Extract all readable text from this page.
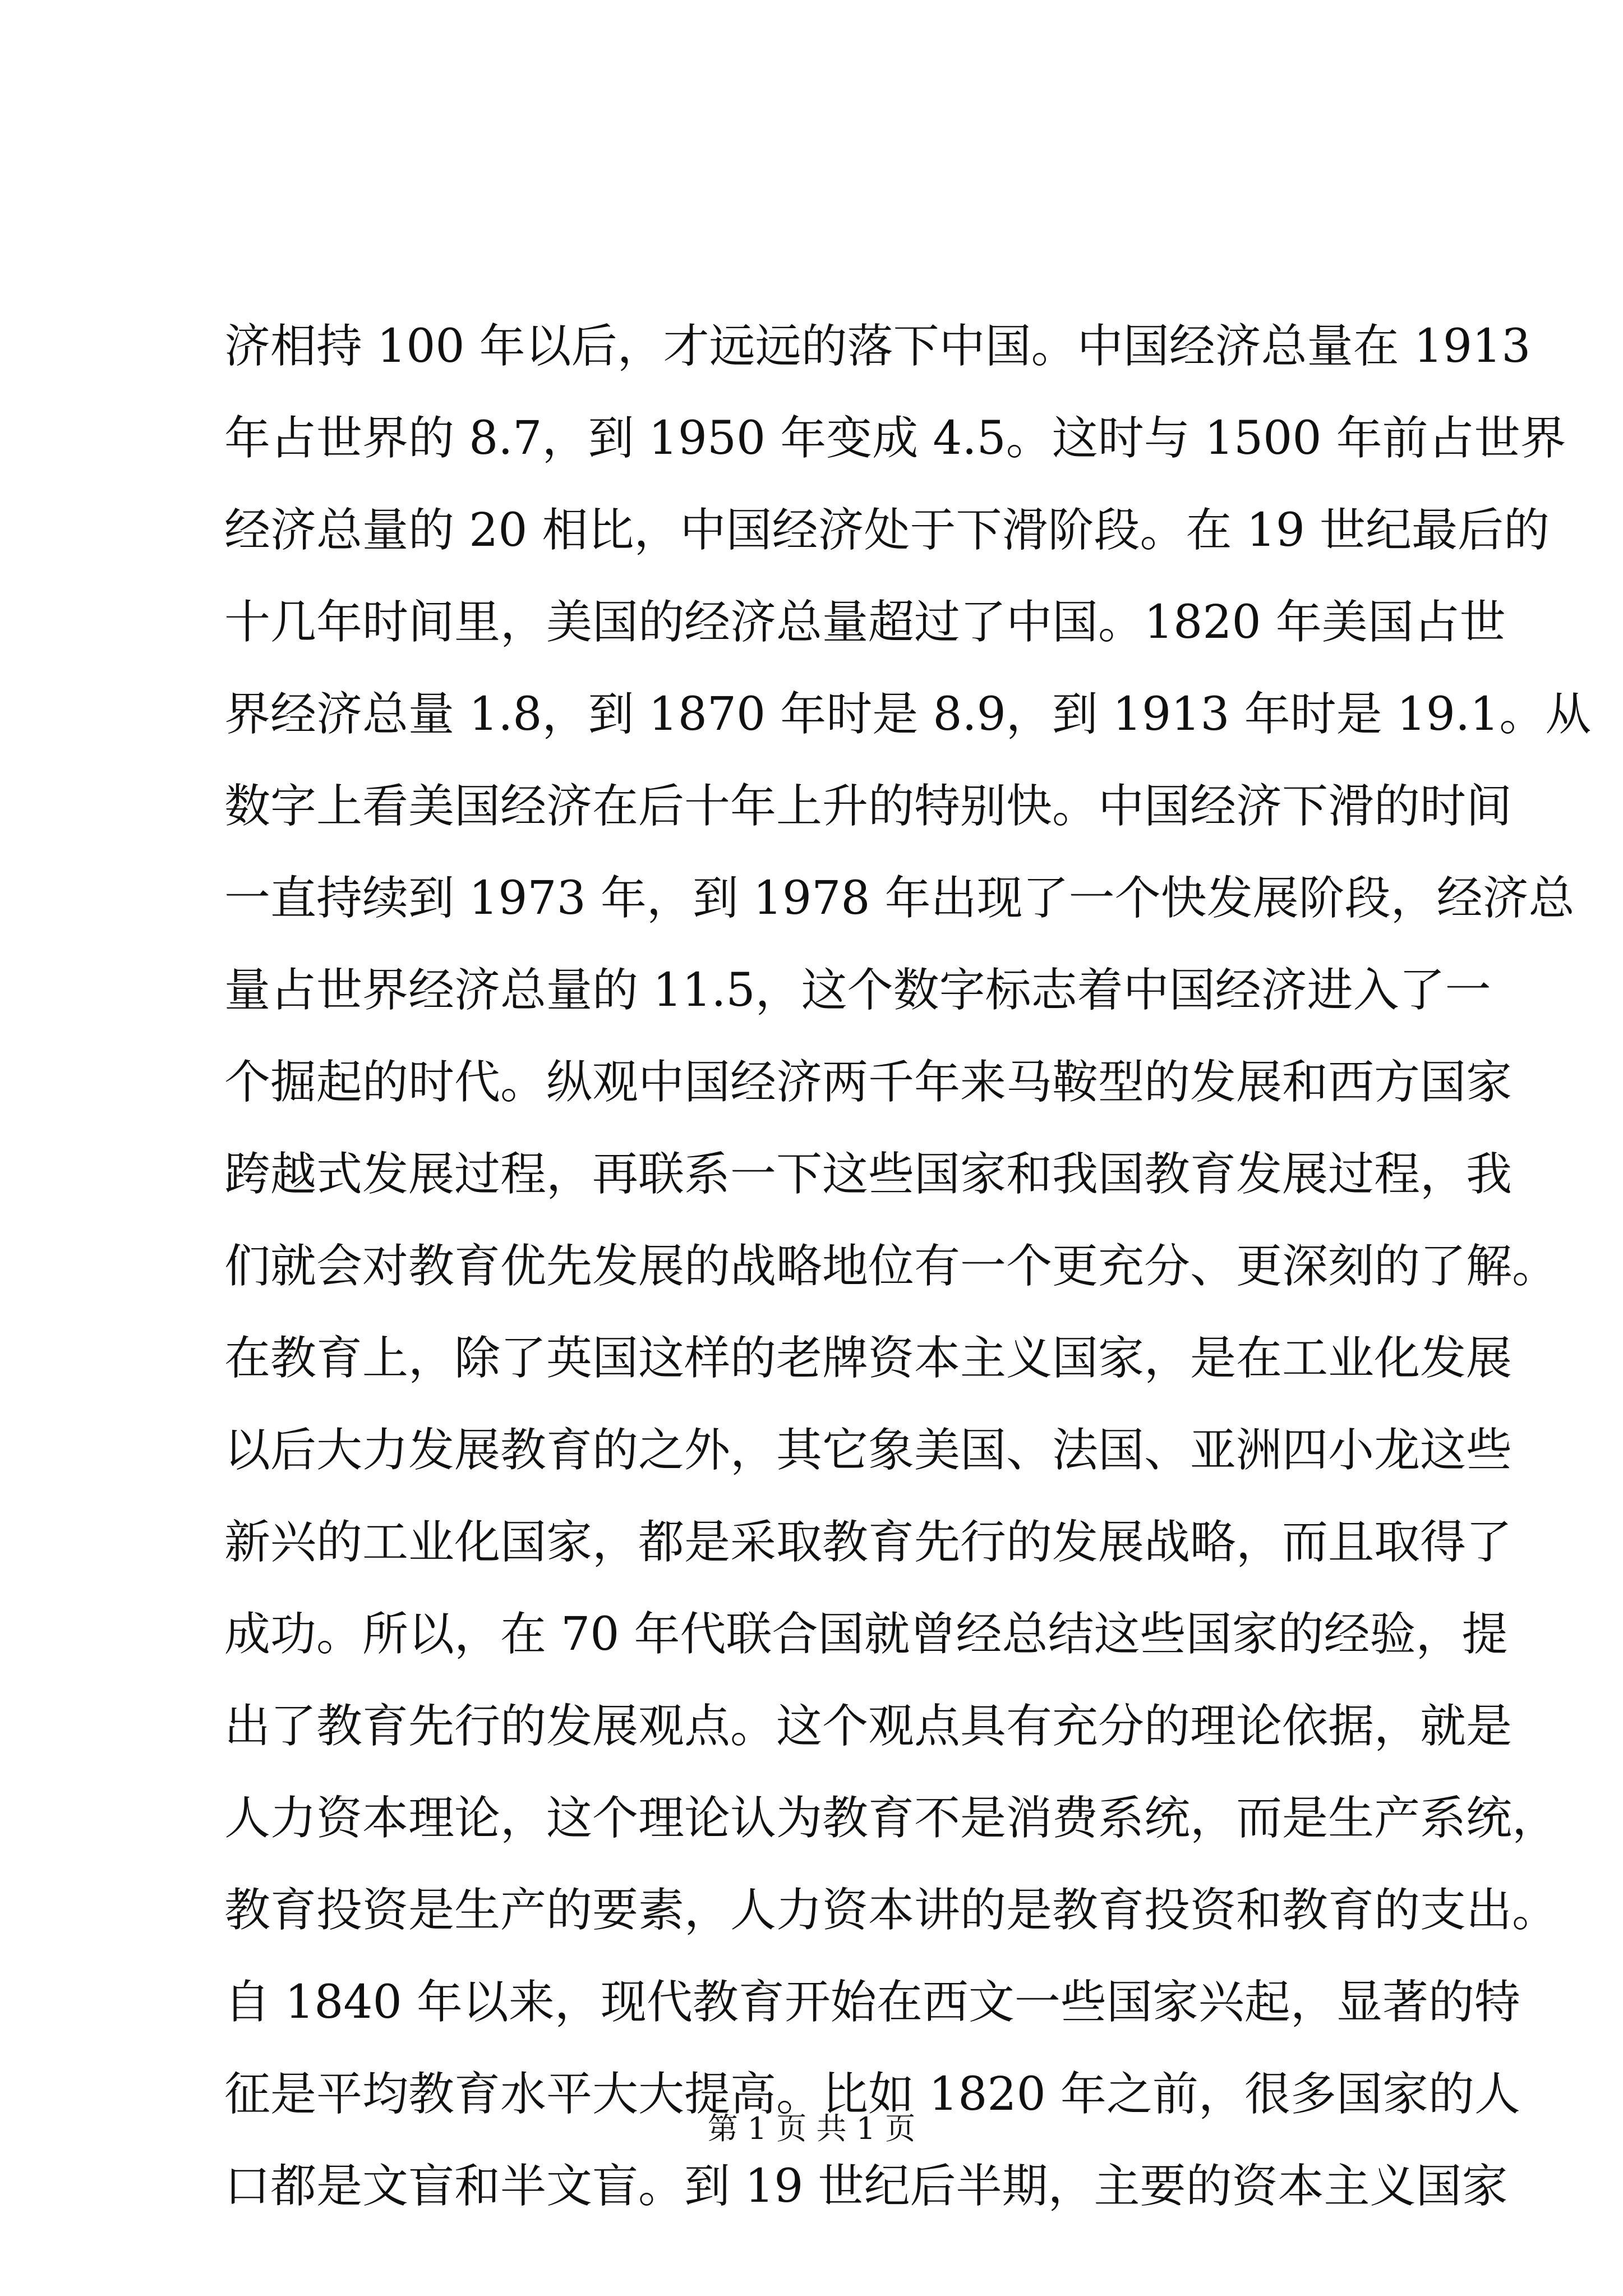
济相持 100 年以后，才远远的落下中国。中国经济总量在 1913
年占世界的 8.7，到 1950 年变成 4.5。这时与 1500 年前占世界
经济总量的 20 相比，中国经济处于下滑阶段。在 19 世纪最后的
十几年时间里，美国的经济总量超过了中国。1820 年美国占世
界经济总量 1.8，到 1870 年时是 8.9，到 1913 年时是 19.1。从
数字上看美国经济在后十年上升的特别快。中国经济下滑的时间
一直持续到 1973 年，到 1978 年出现了一个快发展阶段，经济总
量占世界经济总量的 11.5，这个数字标志着中国经济进入了一
个掘起的时代。纵观中国经济两千年来马鞍型的发展和西方国家
跨越式发展过程，再联系一下这些国家和我国教育发展过程，我
们就会对教育优先发展的战略地位有一个更充分、更深刻的了解。
在教育上，除了英国这样的老牌资本主义国家，是在工业化发展
以后大力发展教育的之外，其它象美国、法国、亚洲四小龙这些
新兴的工业化国家，都是采取教育先行的发展战略，而且取得了
成功。所以，在 70 年代联合国就曾经总结这些国家的经验，提
出了教育先行的发展观点。这个观点具有充分的理论依据，就是
人力资本理论，这个理论认为教育不是消费系统，而是生产系统，
教育投资是生产的要素，人力资本讲的是教育投资和教育的支出。
自 1840 年以来，现代教育开始在西文一些国家兴起，显著的特
征是平均教育水平大大提高。比如 1820 年之前，很多国家的人
口都是文盲和半文盲。到 19 世纪后半期，主要的资本主义国家
第 1 页 共 1 页
